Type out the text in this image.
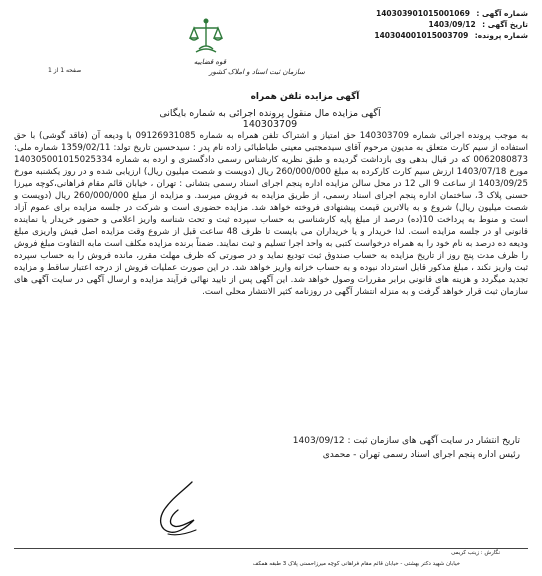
شماره آگهی : 140303901015001069
تاریخ آگهی : 1403/09/12
شماره پرونده: 140304001015003709
قوه قضاییه
سازمان ثبت اسناد و املاک کشور
صفحه 1 از 1
آگهی مزایده تلفن همراه
آگهی مزایده مال منقول پرونده اجرائی به شماره بایگانی 140303709
به موجب پرونده اجرائی شماره 140303709 حق امتیاز و اشتراک تلفن همراه به شماره 09126931085 با ودیعه آن (فاقد گوشی) با حق استفاده از سیم کارت متعلق به مدیون مرحوم آقای سیدمجتبی معینی طباطبائی زاده نام پدر : سیدحسین تاریخ تولد: 1359/02/11 شماره ملی: 0062080873 که در قبال بدهی وی بازداشت گردیده و طبق نظریه کارشناس رسمی دادگستری و ارده به شماره 140305001015025334 مورخ 1403/07/18 ارزش سیم کارت کارکرده به مبلغ 260/000/000 ریال (دویست و شصت میلیون ریال) ارزیابی شده و در روز یکشنبه مورخ 1403/09/25 از ساعت 9 الی 12 در محل سالن مزایده اداره پنجم اجرای اسناد رسمی بتشانی : تهران ، خیابان قائم مقام فراهانی،کوچه میرزا حسنی پلاک 3، ساختمان اداره پنجم اجرای اسناد رسمی، از طریق مزایده به فروش میرسد. و مزایده از مبلغ 260/000/000 ریال (دویست و شصت میلیون ریال) شروع و به بالاترین قیمت پیشنهادی فروخته خواهد شد. مزایده حضوری است و شرکت در جلسه مزایده برای عموم آزاد است و منوط به پرداخت 10(ده) درصد از مبلغ پایه کارشناسی به حساب سپرده ثبت و تحت شناسه واریز اعلامی و حضور خریدار یا نماینده قانونی او در جلسه مزایده است. لذا خریدار و یا خریداران می بایست تا ظرف 48 ساعت قبل از شروع وقت مزایده اصل فیش واریزی مبلغ ودیعه ده درصد به نام خود را به همراه درخواست کتبی به واحد اجرا تسلیم و ثبت نمایند. ضمناً برنده مزایده مکلف است مابه التفاوت مبلغ فروش را ظرف مدت پنج روز از تاریخ مزایده به حساب صندوق ثبت تودیع نماید و در صورتی که ظرف مهلت مقرر، مانده فروش را به حساب سپرده ثبت واریز نکند ، مبلغ مذکور قابل استرداد نبوده و به حساب خزانه واریز خواهد شد. در این صورت عملیات فروش از درجه اعتبار ساقط و مزایده تجدید میگردد و هزینه های قانونی برابر مقررات وصول خواهد شد. این آگهی پس از تایید نهائی فرآیند مزایده و ارسال آگهی در سایت آگهی های سازمان ثبت قرار خواهد گرفت و به منزله انتشار آگهی در روزنامه کثیر الانتشار محلی است.
تاریخ انتشار در سایت آگهی های سازمان ثبت : 1403/09/12
رئیس اداره پنجم اجرای اسناد رسمی تهران - محمدی
نگارش : زینب کریمی
خیابان شهید دکتر بهشتی - خیابان قائم مقام فراهانی کوچه میرزاحسنی پلاک 3 طبقه همکف
